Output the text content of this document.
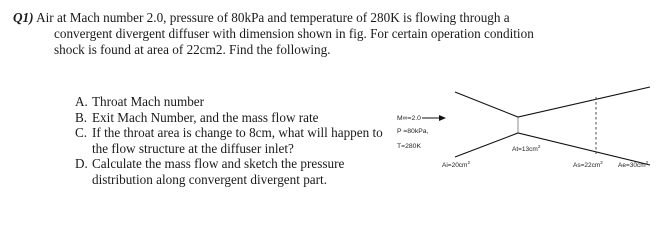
Q1) Air at Mach number 2.0, pressure of 80kPa and temperature of 280K is flowing through a
convergent divergent diffuser with dimension shown in fig. For certain operation condition
shock is found at area of 22cm2. Find the following.
A. Throat Mach number
B. Exit Mach Number, and the mass flow rate
C. If the throat area is change to 8cm, what will happen to the flow structure at the diffuser inlet?
D. Calculate the mass flow and sketch the pressure distribution along convergent divergent part.
M∞=2.0
P =80kPa,
T=280K	$At=13cm^2$
$Ai=20cm^2$	$As=22cm^2$ $Ae=30cm^2$
